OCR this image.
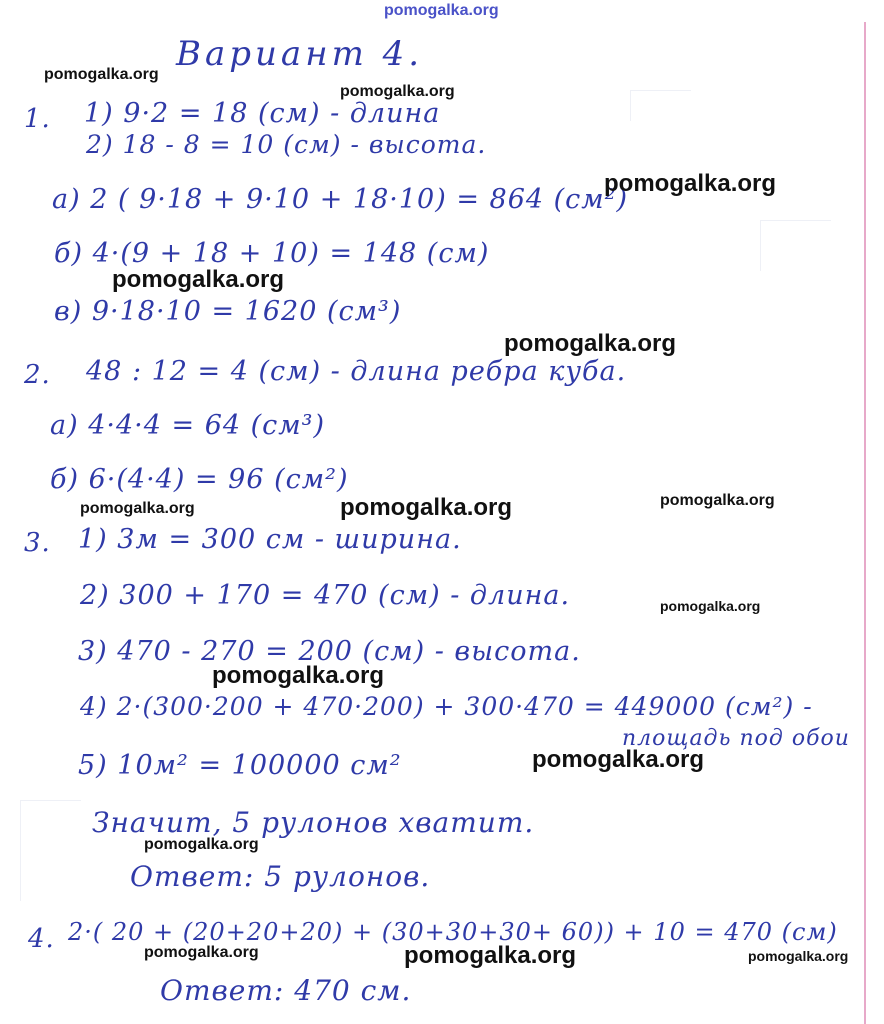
Вариант 4.
1. 1) 9·2 = 18 (см) - длина
2) 18 - 8 = 10 (см) - высота.
а) 2 ( 9·18 + 9·10 + 18·10) = 864 (см²)
б) 4·(9 + 18 + 10) = 148 (см)
в) 9·18·10 = 1620 (см³)
2. 48 : 12 = 4 (см) - длина ребра куба.
а) 4·4·4 = 64 (см³)
б) 6·(4·4) = 96 (см²)
3. 1) 3м = 300 см - ширина.
2) 300 + 170 = 470 (см) - длина.
3) 470 - 270 = 200 (см) - высота.
4) 2·(300·200 + 470·200) + 300·470 = 449000 (см²) -
площадь под обои
5) 10м² = 100000 см²
Значит, 5 рулонов хватит.
Ответ: 5 рулонов.
4. 2·( 20 + (20+20+20) + (30+30+30+ 60)) + 10 = 470 (см)
Ответ: 470 см.
pomogalka.org
pomogalka.org
pomogalka.org
pomogalka.org
pomogalka.org
pomogalka.org
pomogalka.org
pomogalka.org	pomogalka.org
pomogalka.org
pomogalka.org
pomogalka.org
pomogalka.org
pomogalka.org	pomogalka.org	pomogalka.org
